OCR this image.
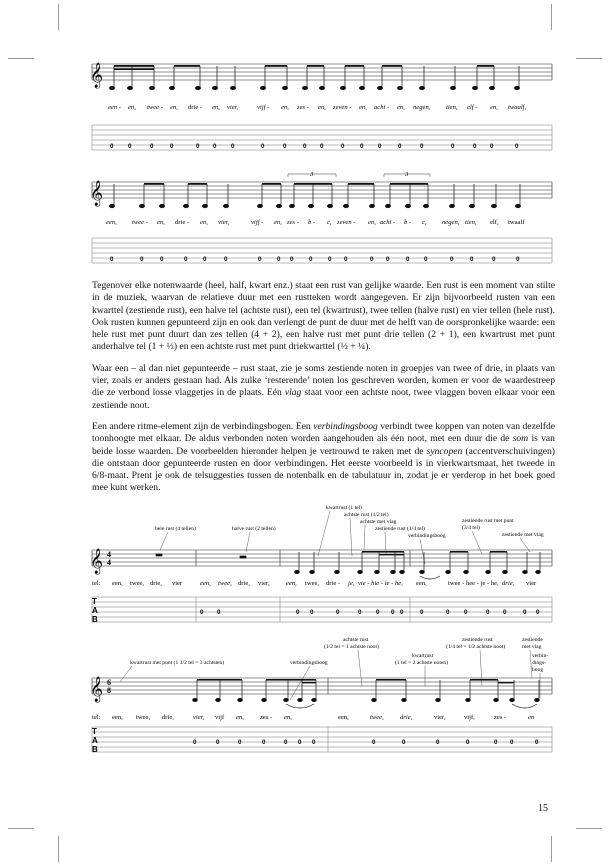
𝄞
een - en, twee - en, drie - en, vier,	vijf - en, zes - en, zeven - en, acht - en, negen, tien, elf - en, twaalf,
0 0	0	0	0 0 0	0	0	0 0	0	0 0	0	0	0	0 0	0
𝄞
3	3
een, twee - en, drie - en, vier,	vijf - en, zes - b - c, zeven - en, acht - b - c, negen, tien, elf, twaalf
0	0	0	0	0	0	0	0 0	0	0 0	0 0	0 0	0	0	0	0

Tegenover elke notenwaarde (heel, half, kwart enz.) staat een rust van gelijke waarde. Een rust is een moment van stilte in de muziek, waarvan de relatieve duur met een rustteken wordt aangegeven. Er zijn bijvoorbeeld rusten van een kwarttel (zestiende rust), een halve tel (achtste rust), een tel (kwartrust), twee tellen (halve rust) en vier tellen (hele rust). Ook rusten kunnen gepunteerd zijn en ook dan verlengt de punt de duur met de helft van de oorspronkelijke waarde: een hele rust met punt duurt dan zes tellen (4 + 2), een halve rust met punt drie tellen (2 + 1), een kwartrust met punt anderhalve tel (1 + ½) en een achtste rust met punt driekwarttel (½ + ¼).

Waar een – al dan niet gepunteerde – rust staat, zie je soms zestiende noten in groepjes van twee of drie, in plaats van vier, zoals er anders gestaan had. Als zulke ‘resterende’ noten los geschreven worden, komen er voor de waardestreep die ze verbond losse vlaggetjes in de plaats. Eén vlag staat voor een achtste noot, twee vlaggen boven elkaar voor een zestiende noot.

Een andere ritme-element zijn de verbindingsbogen. Een verbindingsboog verbindt twee koppen van noten van dezelfde toonhoogte met elkaar. De aldus verbonden noten worden aangehouden als één noot, met een duur die de som is van beide losse waarden. De voorbeelden hieronder helpen je vertrouwd te raken met de syncopen (accentverschuivingen) die ontstaan door gepunteerde rusten en door verbindingen. Het eerste voorbeeld is in vierkwartsmaat, het tweede in 6/8-maat. Prent je ook de telsuggesties tussen de notenbalk en de tabulatuur in, zodat je er verderop in het boek goed mee kunt werken.

hele rust (4 tellen)	halve rust (2 tellen)
kwartrust (1 tel)
achtste rust (1/2 tel)
achtste met vlag
zestiende rust (1/4 tel)
verbindingsboog
zestiende rust met punt
(3/4 tel)
zestiende met vlag
𝄞 4
4
tel: een, twee, drie, vier	een, twee, drie, vier, een, twee, drie - je, vie - hie - te - he, een,	twee - hee - je - he, drie, vier
T
A
B
0 0	0 0	0	0 0 0 0	0	0 0	0 0	0 0
kwartrust met punt (1 1/2 tel = 3 achtsten)	verbindingsboog
achtste rust
(1/2 tel = 1 achtste noot)
kwartrust
(1 tel = 2 achtste noten)
zestiende rust
(1/4 tel = 1/2 achtste noot)
zestiende
met vlag
verbin-
dings-
boog
𝄞 6
8
tel: een, twee, drie,	vier, vijf en, zes - en,	een,	twee, drie,	vier,	vijf,	zes -	en
T
A
B
0	0	0	0	0 0 0	0	0	0	0	0 0	0
15
